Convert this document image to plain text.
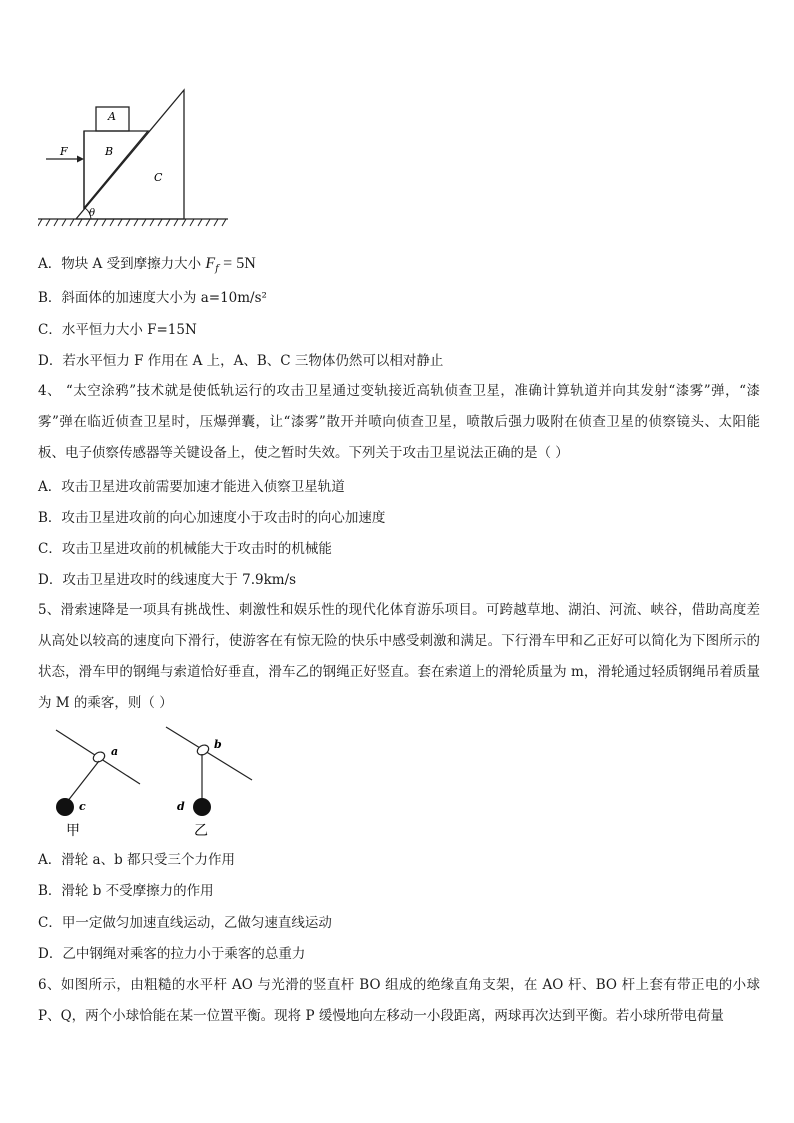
A
B
C
F
θ
A．物块 A 受到摩擦力大小 $F_f = 5N$
B．斜面体的加速度大小为 a=10m/s²
C．水平恒力大小 F=15N
D．若水平恒力 F 作用在 A 上，A、B、C 三物体仍然可以相对静止
4、 “太空涂鸦”技术就是使低轨运行的攻击卫星通过变轨接近高轨侦查卫星，准确计算轨道并向其发射“漆雾”弹，“漆雾”弹在临近侦查卫星时，压爆弹囊，让“漆雾”散开并喷向侦查卫星，喷散后强力吸附在侦查卫星的侦察镜头、太阳能板、电子侦察传感器等关键设备上，使之暂时失效。下列关于攻击卫星说法正确的是（ ）
A．攻击卫星进攻前需要加速才能进入侦察卫星轨道
B．攻击卫星进攻前的向心加速度小于攻击时的向心加速度
C．攻击卫星进攻前的机械能大于攻击时的机械能
D．攻击卫星进攻时的线速度大于 7.9km/s
5、滑索速降是一项具有挑战性、刺激性和娱乐性的现代化体育游乐项目。可跨越草地、湖泊、河流、峡谷，借助高度差从高处以较高的速度向下滑行，使游客在有惊无险的快乐中感受刺激和满足。下行滑车甲和乙正好可以简化为下图所示的状态，滑车甲的钢绳与索道恰好垂直，滑车乙的钢绳正好竖直。套在索道上的滑轮质量为 m，滑轮通过轻质钢绳吊着质量为 M 的乘客，则（ ）
a
c
甲
b
d
乙
A．滑轮 a、b 都只受三个力作用
B．滑轮 b 不受摩擦力的作用
C．甲一定做匀加速直线运动，乙做匀速直线运动
D．乙中钢绳对乘客的拉力小于乘客的总重力
6、如图所示，由粗糙的水平杆 AO 与光滑的竖直杆 BO 组成的绝缘直角支架，在 AO 杆、BO 杆上套有带正电的小球 P、Q，两个小球恰能在某一位置平衡。现将 P 缓慢地向左移动一小段距离，两球再次达到平衡。若小球所带电荷量
